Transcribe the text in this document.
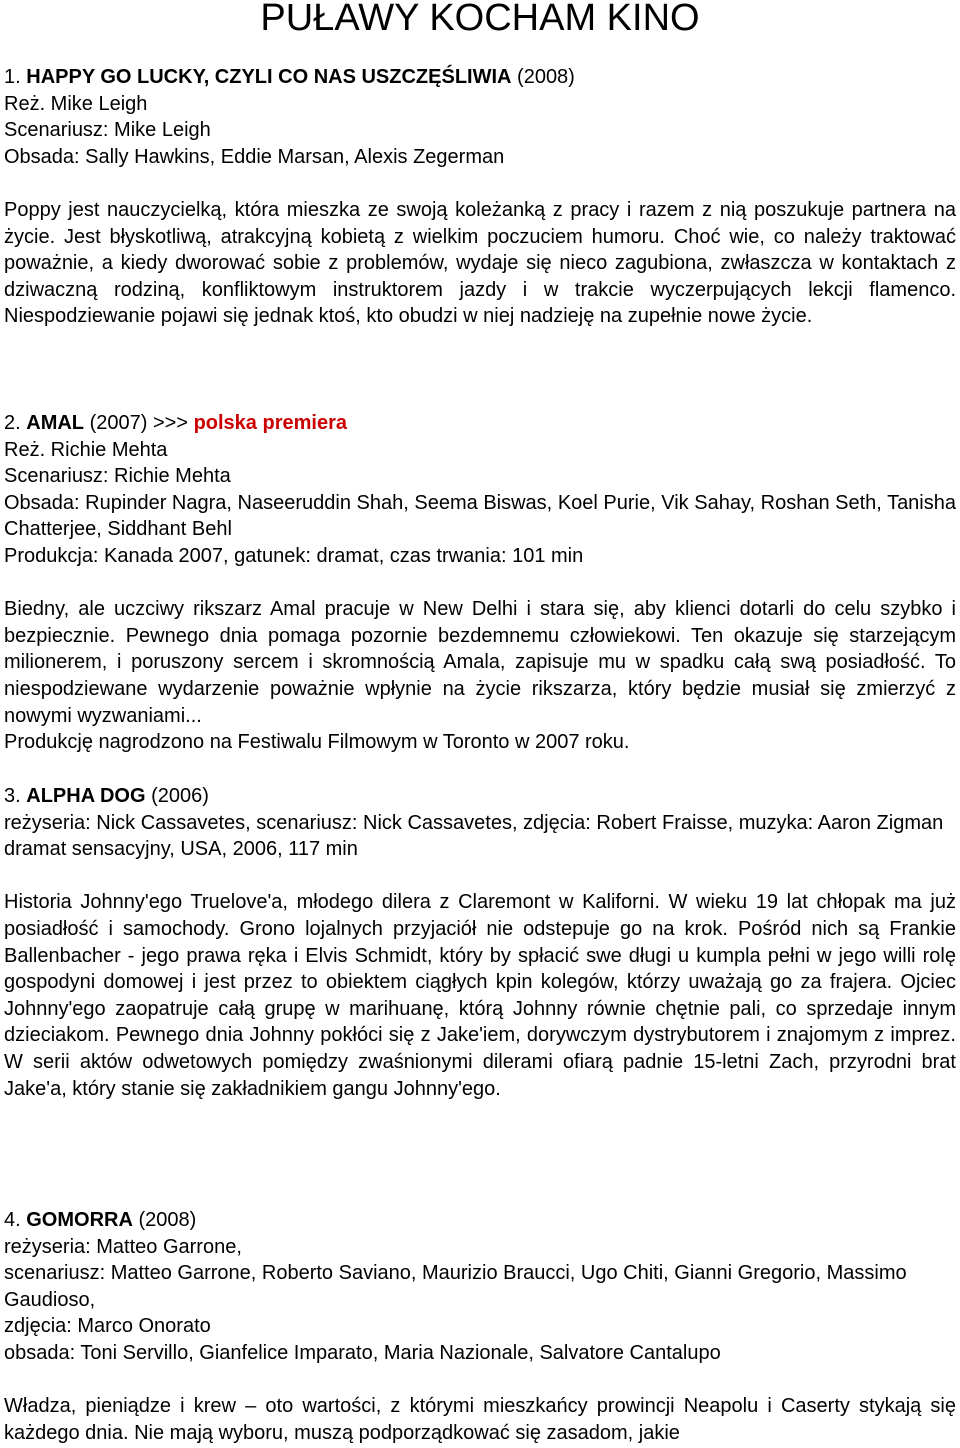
PUŁAWY KOCHAM KINO
1. HAPPY GO LUCKY, CZYLI CO NAS USZCZĘŚLIWIA (2008)
Reż. Mike Leigh
Scenariusz: Mike Leigh
Obsada: Sally Hawkins, Eddie Marsan, Alexis Zegerman
Poppy jest nauczycielką, która mieszka ze swoją koleżanką z pracy i razem z nią poszukuje partnera na życie. Jest błyskotliwą, atrakcyjną kobietą z wielkim poczuciem humoru. Choć wie, co należy traktować poważnie, a kiedy dworować sobie z problemów, wydaje się nieco zagubiona, zwłaszcza w kontaktach z dziwaczną rodziną, konfliktowym instruktorem jazdy i w trakcie wyczerpujących lekcji flamenco. Niespodziewanie pojawi się jednak ktoś, kto obudzi w niej nadzieję na zupełnie nowe życie.
2. AMAL (2007) >>> polska premiera
Reż. Richie Mehta
Scenariusz: Richie Mehta
Obsada: Rupinder Nagra, Naseeruddin Shah, Seema Biswas, Koel Purie, Vik Sahay, Roshan Seth, Tanisha Chatterjee, Siddhant Behl
Produkcja: Kanada 2007, gatunek: dramat, czas trwania: 101 min
Biedny, ale uczciwy rikszarz Amal pracuje w New Delhi i stara się, aby klienci dotarli do celu szybko i bezpiecznie. Pewnego dnia pomaga pozornie bezdemnemu człowiekowi. Ten okazuje się starzejącym milionerem, i poruszony sercem i skromnością Amala, zapisuje mu w spadku całą swą posiadłość. To niespodziewane wydarzenie poważnie wpłynie na życie rikszarza, który będzie musiał się zmierzyć z nowymi wyzwaniami...
Produkcję nagrodzono na Festiwalu Filmowym w Toronto w 2007 roku.
3. ALPHA DOG (2006)
reżyseria: Nick Cassavetes, scenariusz: Nick Cassavetes, zdjęcia: Robert Fraisse, muzyka: Aaron Zigman
dramat sensacyjny, USA, 2006, 117 min
Historia Johnny'ego Truelove'a, młodego dilera z Claremont w Kaliforni. W wieku 19 lat chłopak ma już posiadłość i samochody. Grono lojalnych przyjaciół nie odstepuje go na krok. Pośród nich są Frankie Ballenbacher - jego prawa ręka i Elvis Schmidt, który by spłacić swe długi u kumpla pełni w jego willi rolę gospodyni domowej i jest przez to obiektem ciągłych kpin kolegów, którzy uważają go za frajera. Ojciec Johnny'ego zaopatruje całą grupę w marihuanę, którą Johnny równie chętnie pali, co sprzedaje innym dzieciakom. Pewnego dnia Johnny pokłóci się z Jake'iem, dorywczym dystrybutorem i znajomym z imprez. W serii aktów odwetowych pomiędzy zwaśnionymi dilerami ofiarą padnie 15-letni Zach, przyrodni brat Jake'a, który stanie się zakładnikiem gangu Johnny'ego.
4. GOMORRA (2008)
reżyseria: Matteo Garrone,
scenariusz: Matteo Garrone, Roberto Saviano, Maurizio Braucci, Ugo Chiti, Gianni Gregorio, Massimo Gaudioso,
zdjęcia: Marco Onorato
obsada: Toni Servillo, Gianfelice Imparato, Maria Nazionale, Salvatore Cantalupo
Władza, pieniądze i krew – oto wartości, z którymi mieszkańcy prowincji Neapolu i Caserty stykają się każdego dnia. Nie mają wyboru, muszą podporządkować się zasadom, jakie
